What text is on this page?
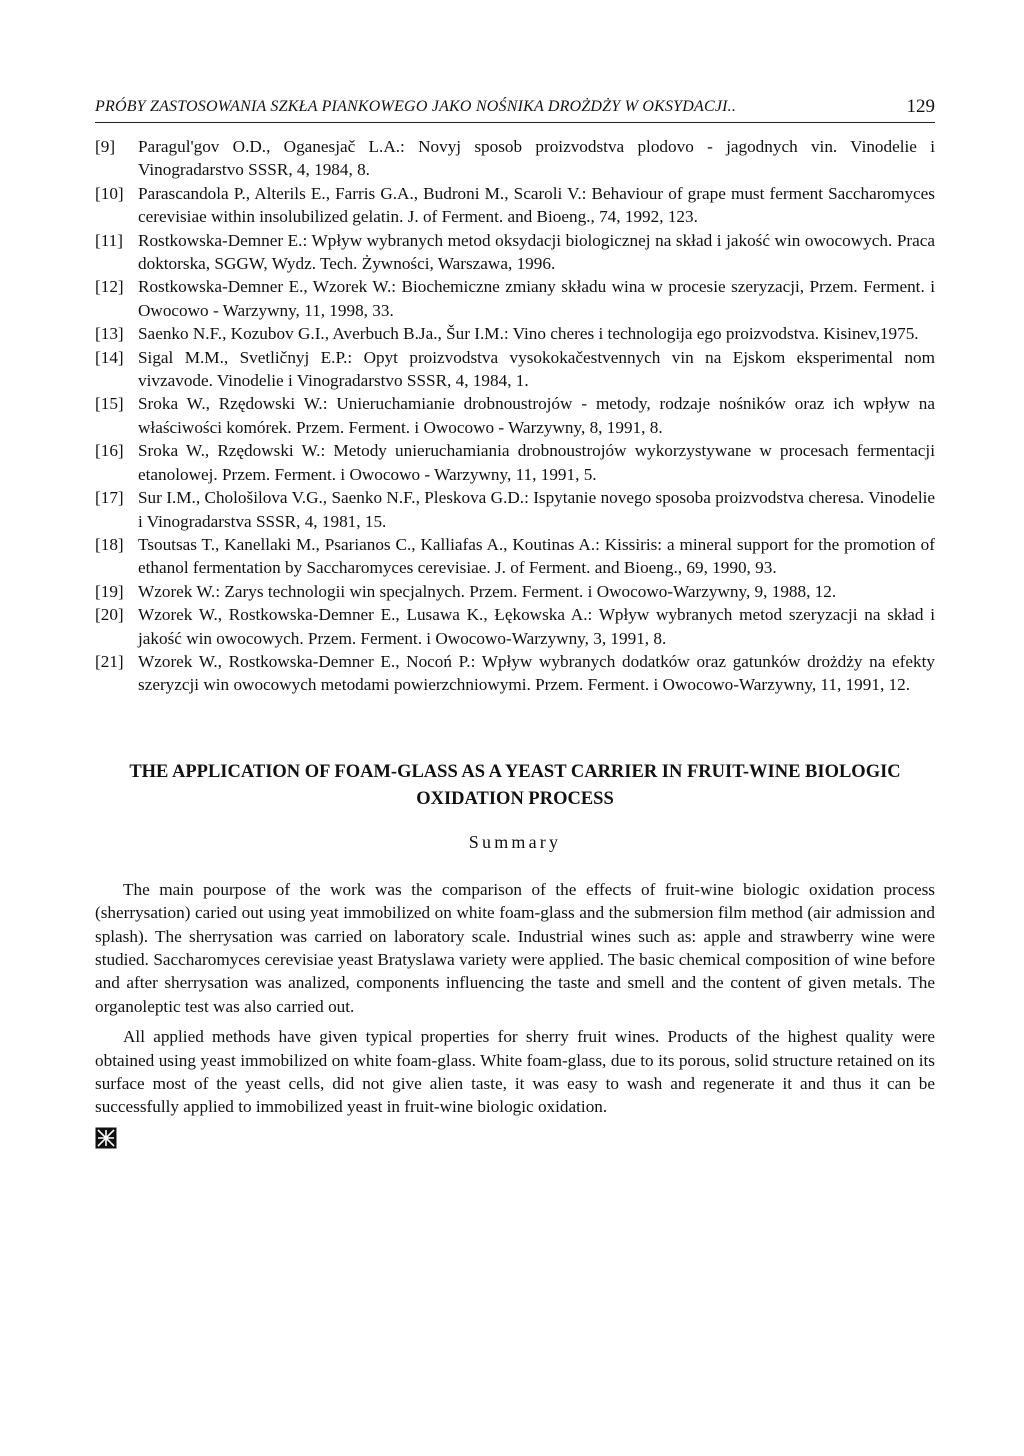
PRÓBY ZASTOSOWANIA SZKŁA PIANKOWEGO JAKO NOŚNIKA DROŻDŻY W OKSYDACJI..	129
[9] Paragul'gov O.D., Oganesjač L.A.: Novyj sposob proizvodstva plodovo - jagodnych vin. Vinodelie i Vinogradarstvo SSSR, 4, 1984, 8.
[10] Parascandola P., Alterils E., Farris G.A., Budroni M., Scaroli V.: Behaviour of grape must ferment Saccharomyces cerevisiae within insolubilized gelatin. J. of Ferment. and Bioeng., 74, 1992, 123.
[11] Rostkowska-Demner E.: Wpływ wybranych metod oksydacji biologicznej na skład i jakość win owocowych. Praca doktorska, SGGW, Wydz. Tech. Żywności, Warszawa, 1996.
[12] Rostkowska-Demner E., Wzorek W.: Biochemiczne zmiany składu wina w procesie szeryzacji, Przem. Ferment. i Owocowo - Warzywny, 11, 1998, 33.
[13] Saenko N.F., Kozubov G.I., Averbuch B.Ja., Šur I.M.: Vino cheres i technologija ego proizvodstva. Kisinev,1975.
[14] Sigal M.M., Svetličnyj E.P.: Opyt proizvodstva vysokokačestvennych vin na Ejskom eksperimental nom vivzavode. Vinodelie i Vinogradarstvo SSSR, 4, 1984, 1.
[15] Sroka W., Rzędowski W.: Unieruchamianie drobnoustrojów - metody, rodzaje nośników oraz ich wpływ na właściwości komórek. Przem. Ferment. i Owocowo - Warzywny, 8, 1991, 8.
[16] Sroka W., Rzędowski W.: Metody unieruchamiania drobnoustrojów wykorzystywane w procesach fermentacji etanolowej. Przem. Ferment. i Owocowo - Warzywny, 11, 1991, 5.
[17] Sur I.M., Chološilova V.G., Saenko N.F., Pleskova G.D.: Ispytanie novego sposoba proizvodstva cheresa. Vinodelie i Vinogradarstva SSSR, 4, 1981, 15.
[18] Tsoutsas T., Kanellaki M., Psarianos C., Kalliafas A., Koutinas A.: Kissiris: a mineral support for the promotion of ethanol fermentation by Saccharomyces cerevisiae. J. of Ferment. and Bioeng., 69, 1990, 93.
[19] Wzorek W.: Zarys technologii win specjalnych. Przem. Ferment. i Owocowo-Warzywny, 9, 1988, 12.
[20] Wzorek W., Rostkowska-Demner E., Lusawa K., Łękowska A.: Wpływ wybranych metod szeryzacji na skład i jakość win owocowych. Przem. Ferment. i Owocowo-Warzywny, 3, 1991, 8.
[21] Wzorek W., Rostkowska-Demner E., Nocoń P.: Wpływ wybranych dodatków oraz gatunków drożdży na efekty szeryzcji win owocowych metodami powierzchniowymi. Przem. Ferment. i Owocowo-Warzywny, 11, 1991, 12.
THE APPLICATION OF FOAM-GLASS AS A YEAST CARRIER IN FRUIT-WINE BIOLOGIC OXIDATION PROCESS
Summary

The main pourpose of the work was the comparison of the effects of fruit-wine biologic oxidation process (sherrysation) caried out using yeat immobilized on white foam-glass and the submersion film method (air admission and splash). The sherrysation was carried on laboratory scale. Industrial wines such as: apple and strawberry wine were studied. Saccharomyces cerevisiae yeast Bratyslawa variety were applied. The basic chemical composition of wine before and after sherrysation was analized, components influencing the taste and smell and the content of given metals. The organoleptic test was also carried out.

All applied methods have given typical properties for sherry fruit wines. Products of the highest quality were obtained using yeast immobilized on white foam-glass. White foam-glass, due to its porous, solid structure retained on its surface most of the yeast cells, did not give alien taste, it was easy to wash and regenerate it and thus it can be successfully applied to immobilized yeast in fruit-wine biologic oxidation.
